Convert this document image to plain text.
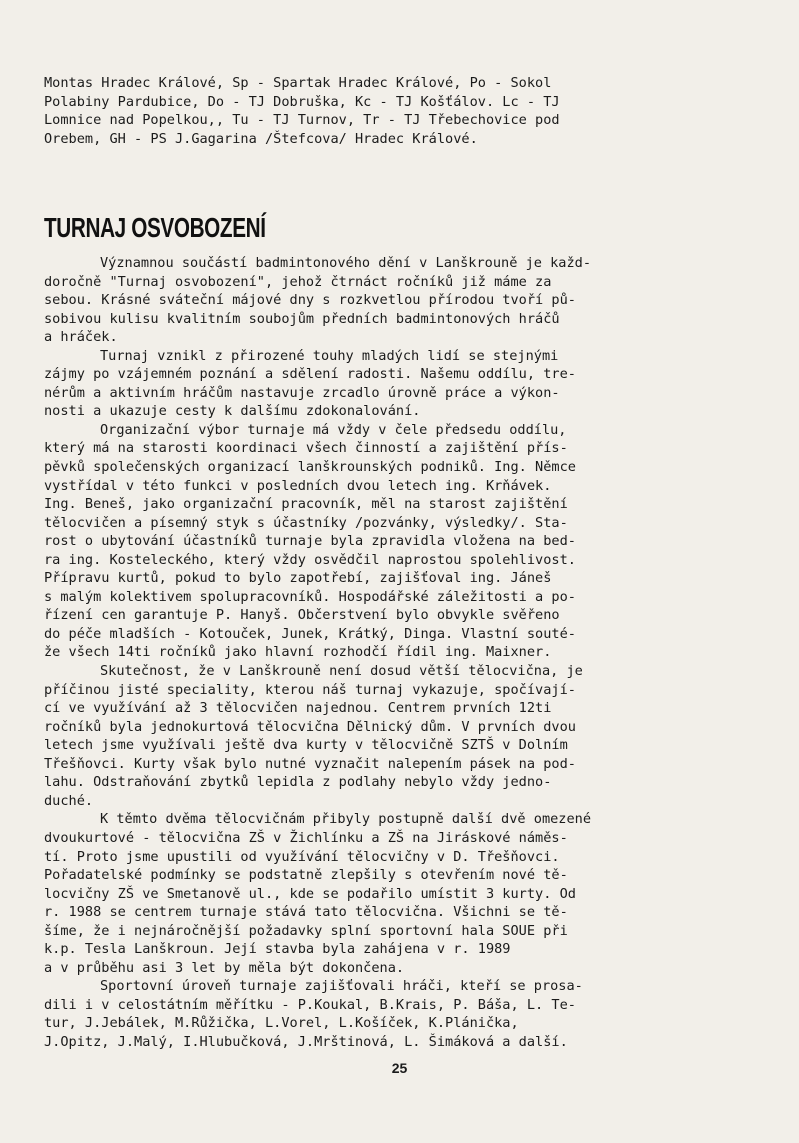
Montas Hradec Králové, Sp - Spartak Hradec Králové, Po - Sokol
Polabiny Pardubice, Do - TJ Dobruška, Kc - TJ Košťálov. Lc - TJ
Lomnice nad Popelkou,, Tu - TJ Turnov, Tr - TJ Třebechovice pod
Orebem, GH - PS J.Gagarina /Štefcova/ Hradec Králové.
TURNAJ OSVOBOZENÍ
Významnou součástí badmintonového dění v Lanškrouně je každ-
doročně "Turnaj osvobození", jehož čtrnáct ročníků již máme za
sebou. Krásné sváteční májové dny s rozkvetlou přírodou tvoří pů-
sobivou kulisu kvalitním soubojům předních badmintonových hráčů
a hráček.
Turnaj vznikl z přirozené touhy mladých lidí se stejnými
zájmy po vzájemném poznání a sdělení radosti. Našemu oddílu, tre-
nérům a aktivním hráčům nastavuje zrcadlo úrovně práce a výkon-
nosti a ukazuje cesty k dalšímu zdokonalování.
Organizační výbor turnaje má vždy v čele předsedu oddílu,
který má na starosti koordinaci všech činností a zajištění přís-
pěvků společenských organizací lanškrounských podniků. Ing. Němce
vystřídal v této funkci v posledních dvou letech ing. Krňávek.
Ing. Beneš, jako organizační pracovník, měl na starost zajištění
tělocvičen a písemný styk s účastníky /pozvánky, výsledky/. Sta-
rost o ubytování účastníků turnaje byla zpravidla vložena na bed-
ra ing. Kosteleckého, který vždy osvědčil naprostou spolehlivost.
Přípravu kurtů, pokud to bylo zapotřebí, zajišťoval ing. Jáneš
s malým kolektivem spolupracovníků. Hospodářské záležitosti a po-
řízení cen garantuje P. Hanyš. Občerstvení bylo obvykle svěřeno
do péče mladších - Kotouček, Junek, Krátký, Dinga. Vlastní souté-
že všech 14ti ročníků jako hlavní rozhodčí řídil ing. Maixner.
Skutečnost, že v Lanškrouně není dosud větší tělocvična, je
příčinou jisté speciality, kterou náš turnaj vykazuje, spočívají-
cí ve využívání až 3 tělocvičen najednou. Centrem prvních 12ti
ročníků byla jednokurtová tělocvična Dělnický dům. V prvních dvou
letech jsme využívali ještě dva kurty v tělocvičně SZTŠ v Dolním
Třešňovci. Kurty však bylo nutné vyznačit nalepením pásek na pod-
lahu. Odstraňování zbytků lepidla z podlahy nebylo vždy jedno-
duché.
K těmto dvěma tělocvičnám přibyly postupně další dvě omezené
dvoukurtové - tělocvična ZŠ v Žichlínku a ZŠ na Jiráskové náměs-
tí. Proto jsme upustili od využívání tělocvičny v D. Třešňovci.
Pořadatelské podmínky se podstatně zlepšily s otevřením nové tě-
locvičny ZŠ ve Smetanově ul., kde se podařilo umístit 3 kurty. Od
r. 1988 se centrem turnaje stává tato tělocvična. Všichni se tě-
šíme, že i nejnáročnější požadavky splní sportovní hala SOUE při
k.p. Tesla Lanškroun. Její stavba byla zahájena v r. 1989
a v průběhu asi 3 let by měla být dokončena.
Sportovní úroveň turnaje zajišťovali hráči, kteří se prosa-
dili i v celostátním měřítku - P.Koukal, B.Krais, P. Báša, L. Te-
tur, J.Jebálek, M.Růžička, L.Vorel, L.Košíček, K.Plánička,
J.Opitz, J.Malý, I.Hlubučková, J.Mrštinová, L. Šimáková a další.
25
